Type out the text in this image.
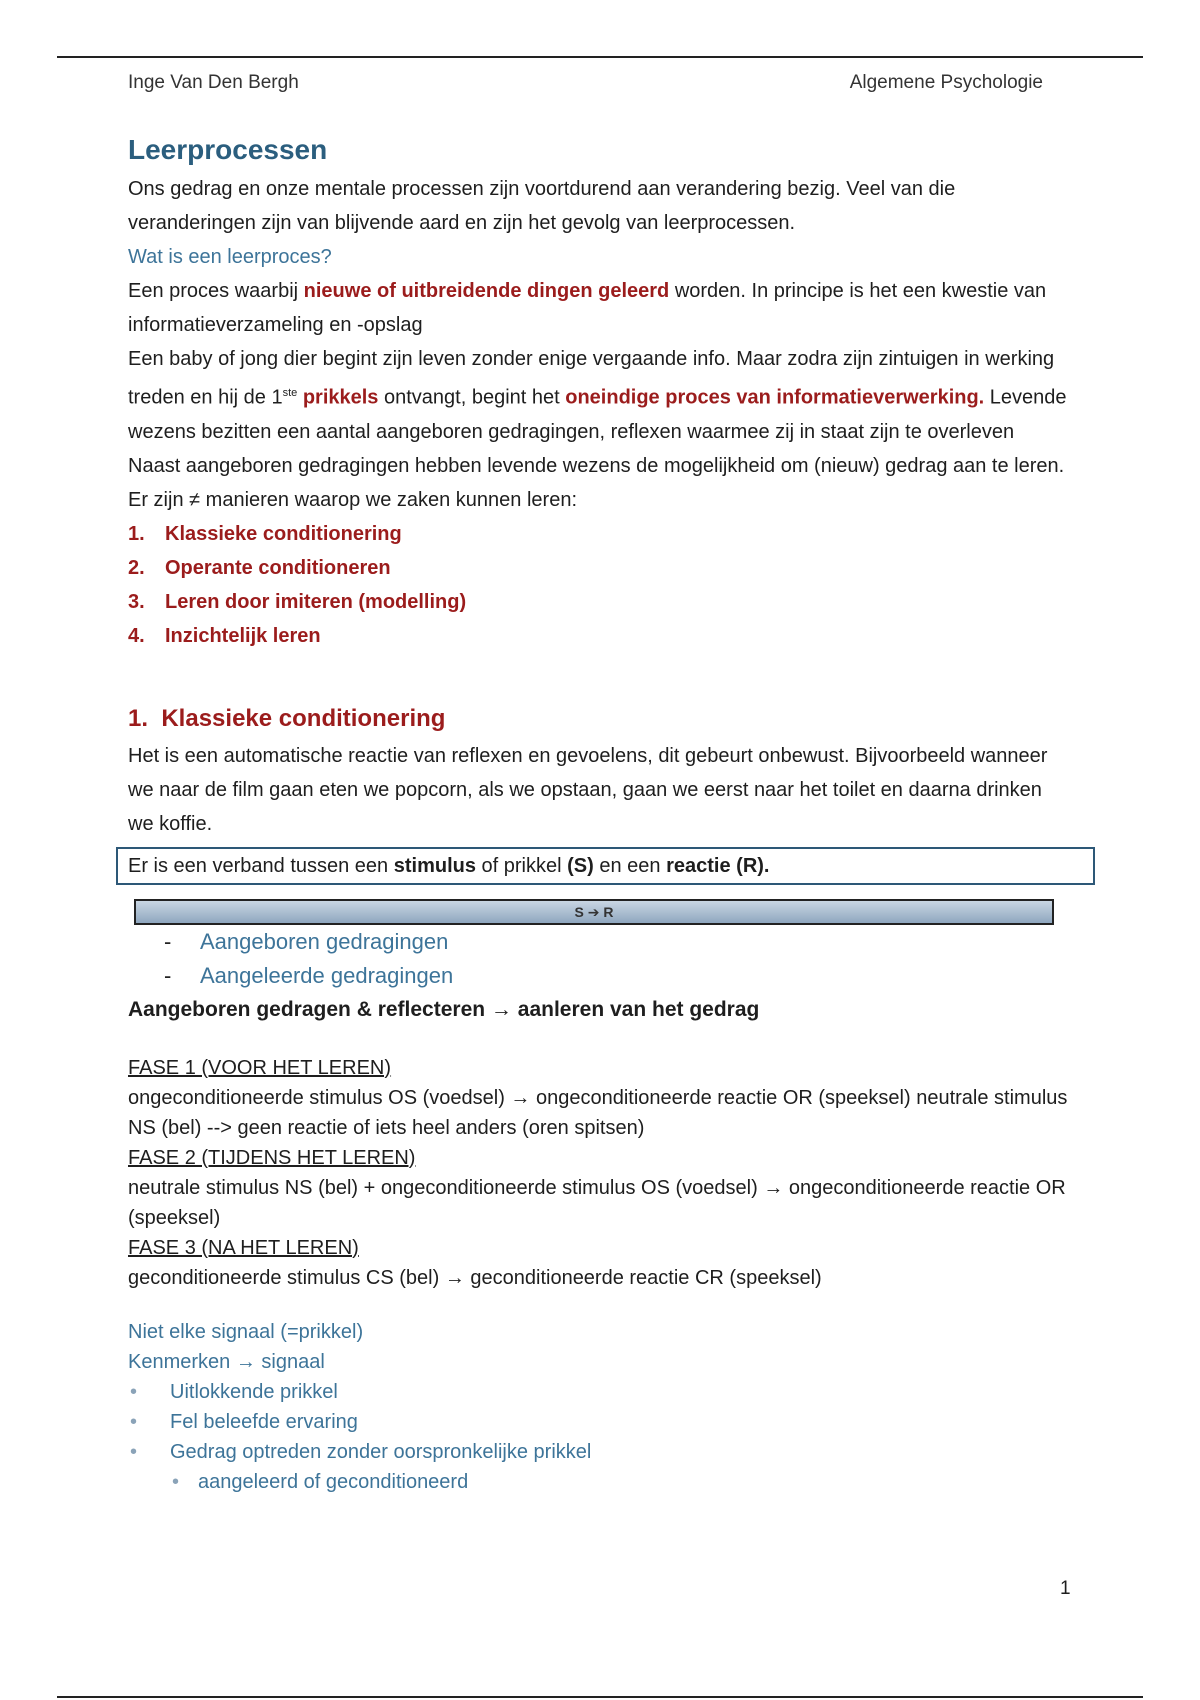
Inge Van Den Bergh	Algemene Psychologie
Leerprocessen

Ons gedrag en onze mentale processen zijn voortdurend aan verandering bezig. Veel van die veranderingen zijn van blijvende aard en zijn het gevolg van leerprocessen.

Wat is een leerproces?

Een proces waarbij nieuwe of uitbreidende dingen geleerd worden. In principe is het een kwestie van informatieverzameling en -opslag

Een baby of jong dier begint zijn leven zonder enige vergaande info. Maar zodra zijn zintuigen in werking treden en hij de 1ste prikkels ontvangt, begint het oneindige proces van informatieverwerking. Levende wezens bezitten een aantal aangeboren gedragingen, reflexen waarmee zij in staat zijn te overleven

Naast aangeboren gedragingen hebben levende wezens de mogelijkheid om (nieuw) gedrag aan te leren. Er zijn ≠ manieren waarop we zaken kunnen leren:

1. Klassieke conditionering
2. Operante conditioneren
3. Leren door imiteren (modelling)
4. Inzichtelijk leren
1.  Klassieke conditionering

Het is een automatische reactie van reflexen en gevoelens, dit gebeurt onbewust. Bijvoorbeeld wanneer we naar de film gaan eten we popcorn, als we opstaan, gaan we eerst naar het toilet en daarna drinken we koffie.

Er is een verband tussen een stimulus of prikkel (S) en een reactie (R).
S ➔ R
- Aangeboren gedragingen
- Aangeleerde gedragingen
Aangeboren gedragen & reflecteren → aanleren van het gedrag
FASE 1 (VOOR HET LEREN)
ongeconditioneerde stimulus OS (voedsel) → ongeconditioneerde reactie OR (speeksel) neutrale stimulus NS (bel) --> geen reactie of iets heel anders (oren spitsen)
FASE 2 (TIJDENS HET LEREN)
neutrale stimulus NS (bel) + ongeconditioneerde stimulus OS (voedsel) → ongeconditioneerde reactie OR (speeksel)
FASE 3 (NA HET LEREN)
geconditioneerde stimulus CS (bel) → geconditioneerde reactie CR (speeksel)
Niet elke signaal (=prikkel)
Kenmerken → signaal
• Uitlokkende prikkel
• Fel beleefde ervaring
• Gedrag optreden zonder oorspronkelijke prikkel
• aangeleerd of geconditioneerd
1
